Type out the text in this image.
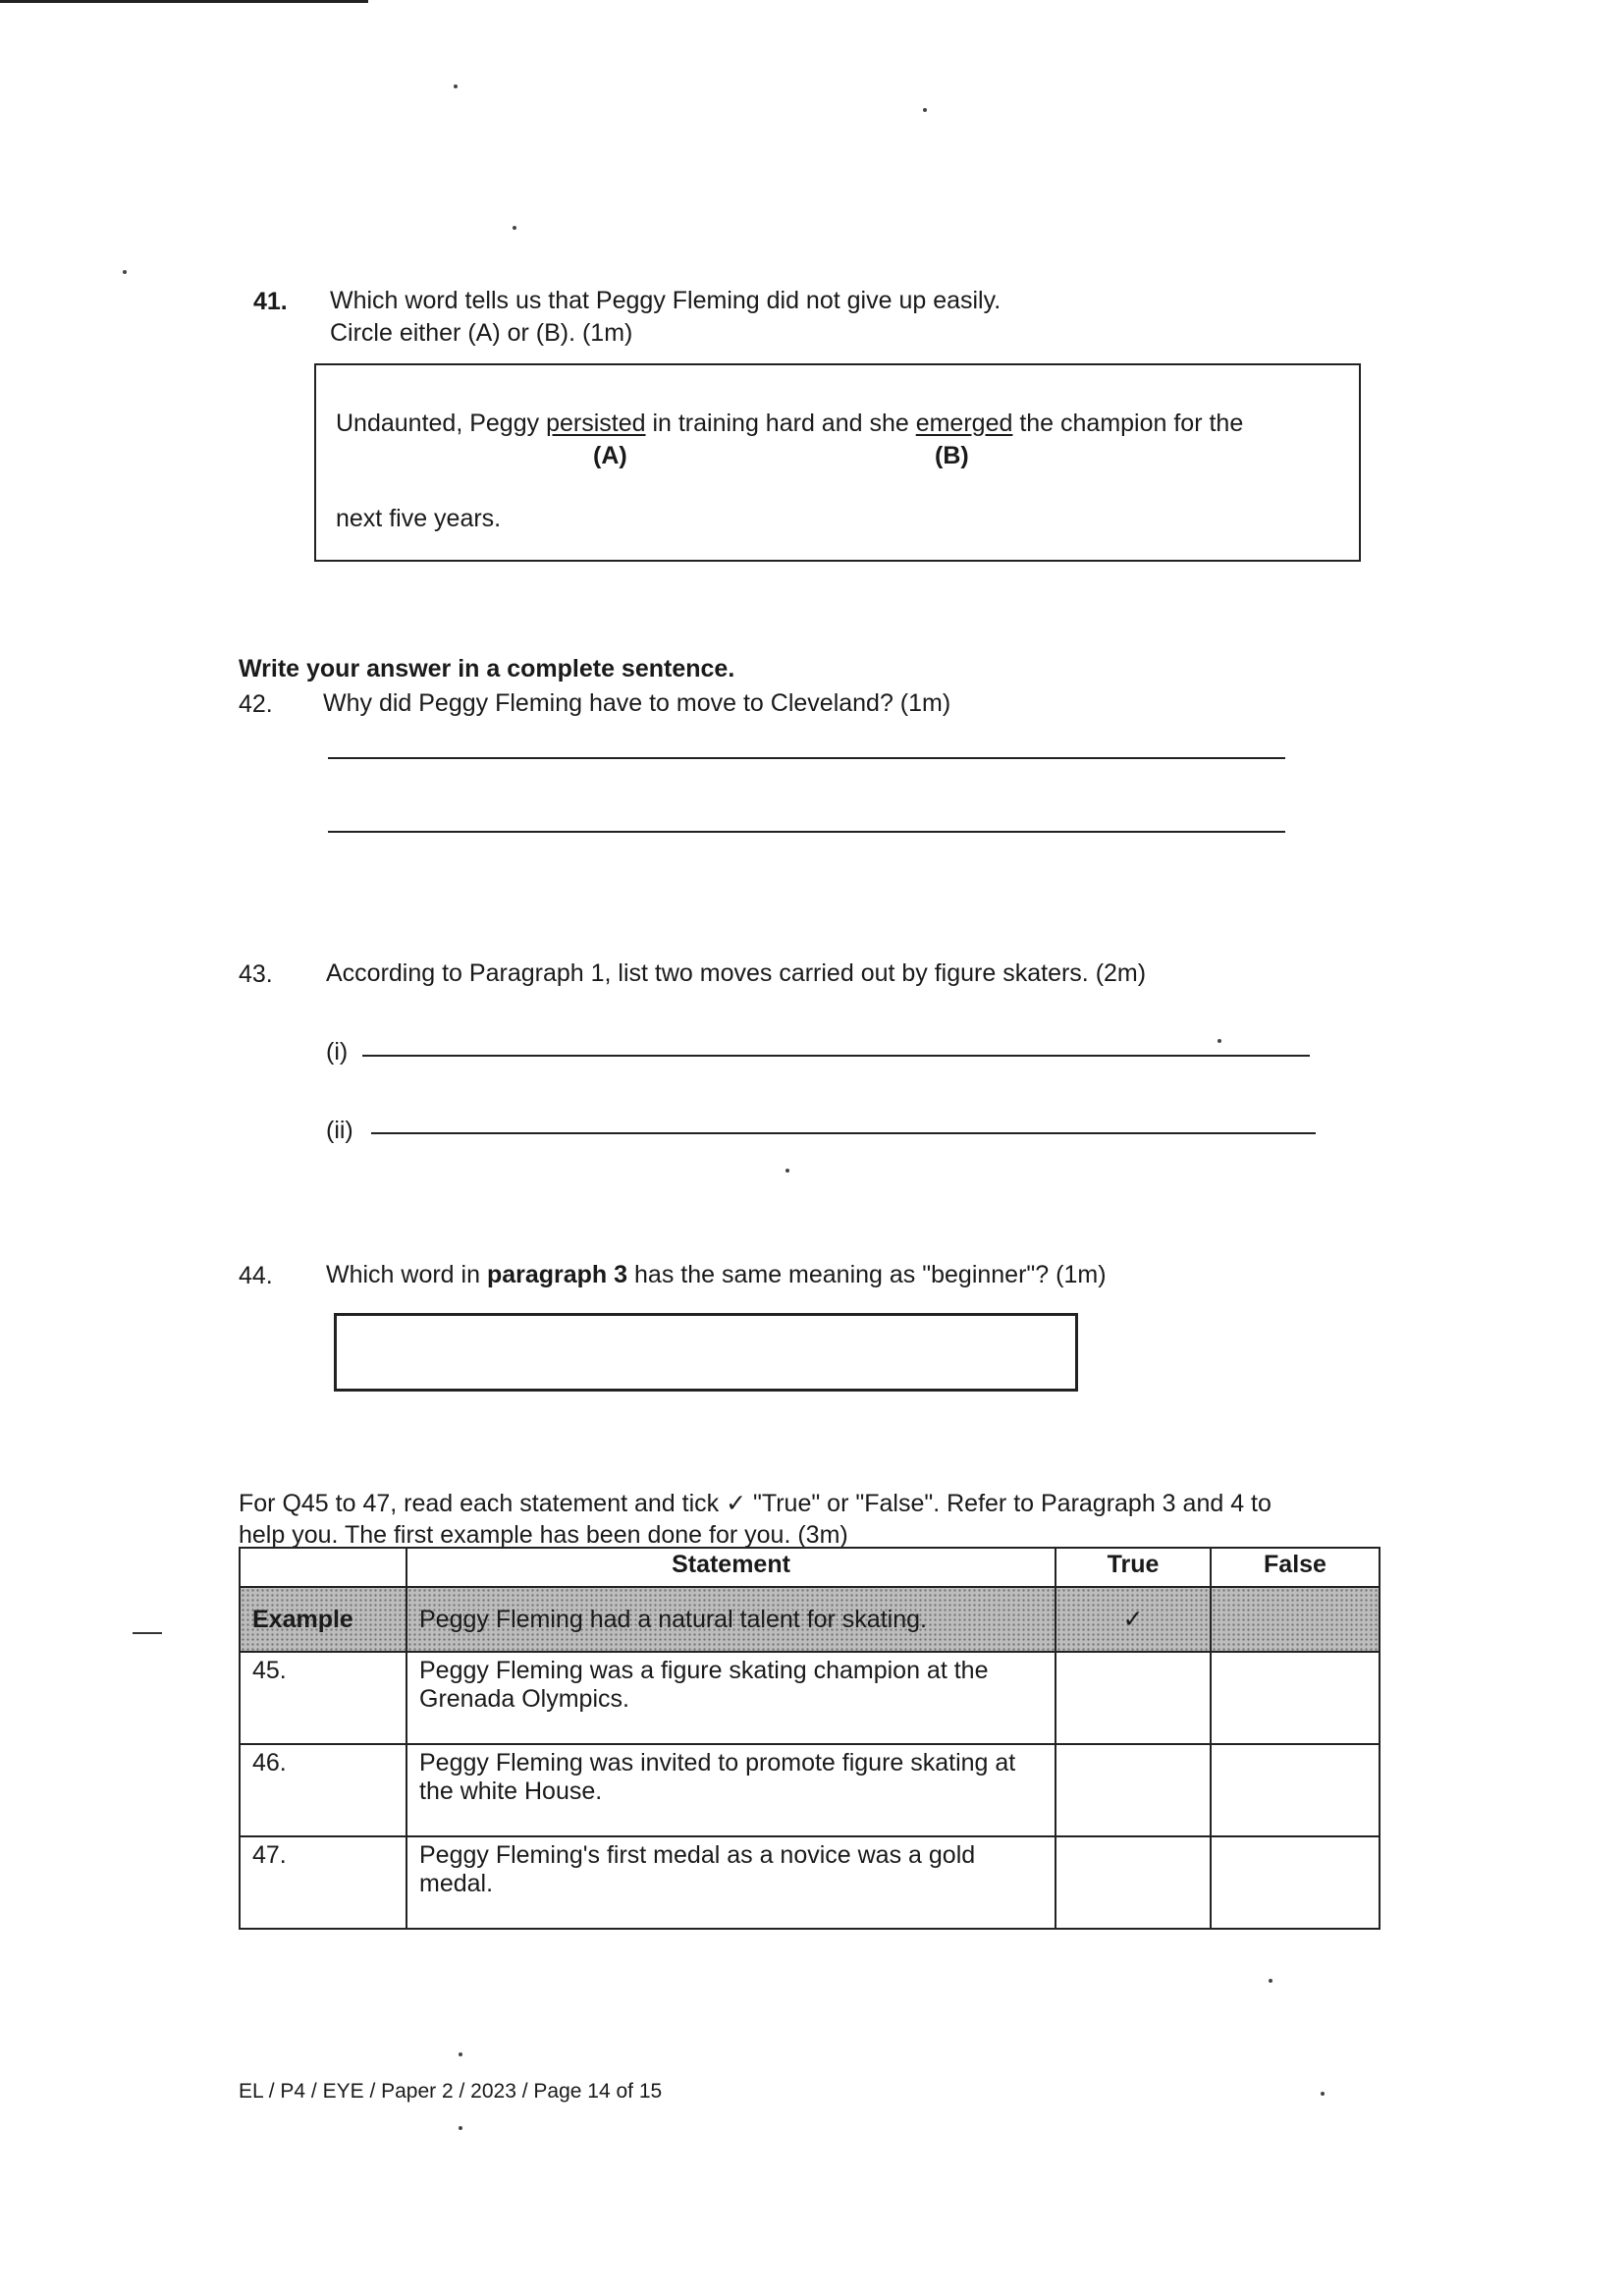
41. Which word tells us that Peggy Fleming did not give up easily.
Circle either (A) or (B). (1m)
Undaunted, Peggy persisted in training hard and she emerged the champion for the
(A)	(B)
next five years.
Write your answer in a complete sentence.
42. Why did Peggy Fleming have to move to Cleveland? (1m)
43. According to Paragraph 1, list two moves carried out by figure skaters. (2m)
(i)
(ii)
44. Which word in paragraph 3 has the same meaning as "beginner"? (1m)
For Q45 to 47, read each statement and tick ✓ "True" or "False". Refer to Paragraph 3 and 4 to
help you. The first example has been done for you. (3m)
	Statement	True	False
Example	Peggy Fleming had a natural talent for skating.	✓	
45.	Peggy Fleming was a figure skating champion at the Grenada Olympics.		
46.	Peggy Fleming was invited to promote figure skating at the white House.		
47.	Peggy Fleming's first medal as a novice was a gold medal.		
EL / P4 / EYE / Paper 2 / 2023 / Page 14 of 15
